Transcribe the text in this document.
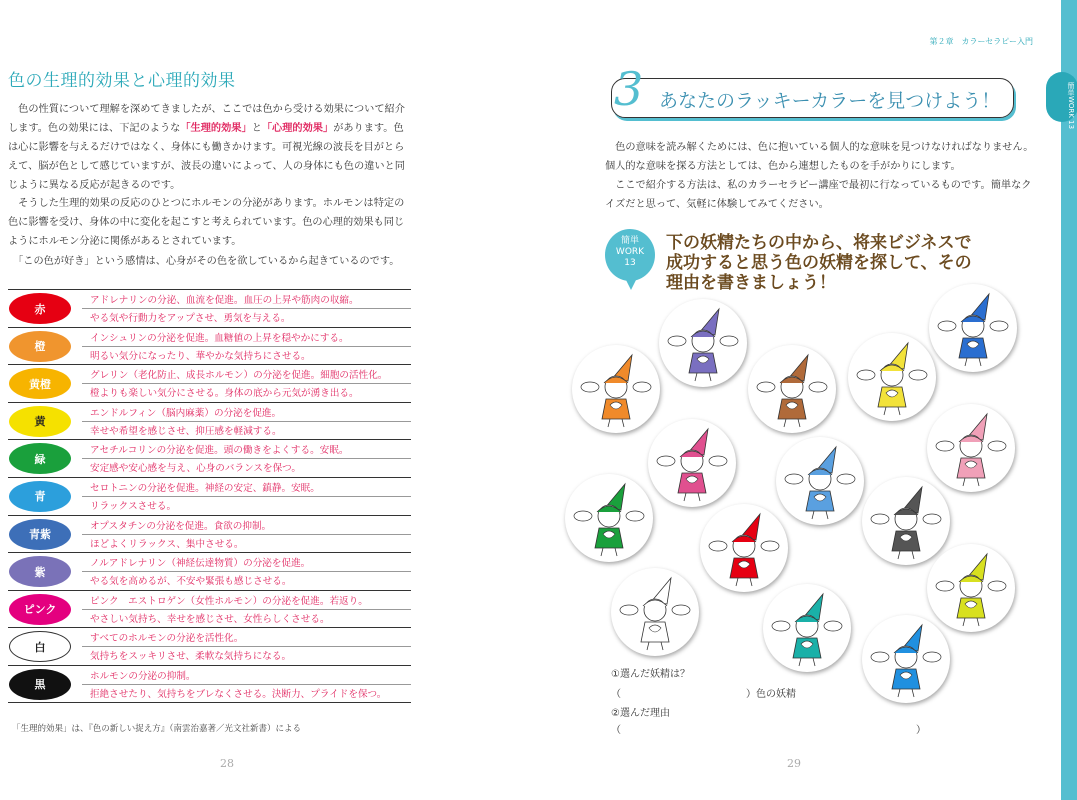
色の生理的効果と心理的効果
　色の性質について理解を深めてきましたが、ここでは色から受ける効果について紹介します。色の効果には、下記のような「生理的効果」と「心理的効果」があります。色は心に影響を与えるだけではなく、身体にも働きかけます。可視光線の波長を目がとらえて、脳が色として感じていますが、波長の違いによって、人の身体にも色の違いと同じように異なる反応が起きるのです。
　そうした生理的効果の反応のひとつにホルモンの分泌があります。ホルモンは特定の色に影響を受け、身体の中に変化を起こすと考えられています。色の心理的効果も同じようにホルモン分泌に関係があるとされています。
　「この色が好き」という感情は、心身がその色を欲しているから起きているのです。
赤
アドレナリンの分泌、血流を促進。血圧の上昇や筋肉の収縮。
やる気や行動力をアップさせ、勇気を与える。
橙
インシュリンの分泌を促進。血糖値の上昇を穏やかにする。
明るい気分になったり、華やかな気持ちにさせる。
黄橙
グレリン（老化防止、成長ホルモン）の分泌を促進。細胞の活性化。
橙よりも楽しい気分にさせる。身体の底から元気が湧き出る。
黄
エンドルフィン（脳内麻薬）の分泌を促進。
幸せや希望を感じさせ、抑圧感を軽減する。
緑
アセチルコリンの分泌を促進。頭の働きをよくする。安眠。
安定感や安心感を与え、心身のバランスを保つ。
青
セロトニンの分泌を促進。神経の安定、鎮静。安眠。
リラックスさせる。
青紫
オプスタチンの分泌を促進。食欲の抑制。
ほどよくリラックス、集中させる。
紫
ノルアドレナリン（神経伝達物質）の分泌を促進。
やる気を高めるが、不安や緊張も感じさせる。
ピンク
ピンク　エストロゲン（女性ホルモン）の分泌を促進。若返り。
やさしい気持ち、幸せを感じさせ、女性らしくさせる。
白
すべてのホルモンの分泌を活性化。
気持ちをスッキリさせ、柔軟な気持ちになる。
黒
ホルモンの分泌の抑制。
拒絶させたり、気持ちをブレなくさせる。決断力、プライドを保つ。
「生理的効果」は、『色の新しい捉え方』（南雲治嘉著／光文社新書）による
28
第２章　カラーセラピー入門
簡単WORK 13
3 あなたのラッキーカラーを見つけよう！
　色の意味を読み解くためには、色に抱いている個人的な意味を見つけなければなりません。個人的な意味を探る方法としては、色から連想したものを手がかりにします。
　ここで紹介する方法は、私のカラーセラピー講座で最初に行なっているものです。簡単なクイズだと思って、気軽に体験してみてください。
簡単
WORK
13
下の妖精たちの中から、将来ビジネスで成功すると思う色の妖精を探して、その理由を書きましょう！
①選んだ妖精は？
（	）色の妖精
②選んだ理由
（	）
29
